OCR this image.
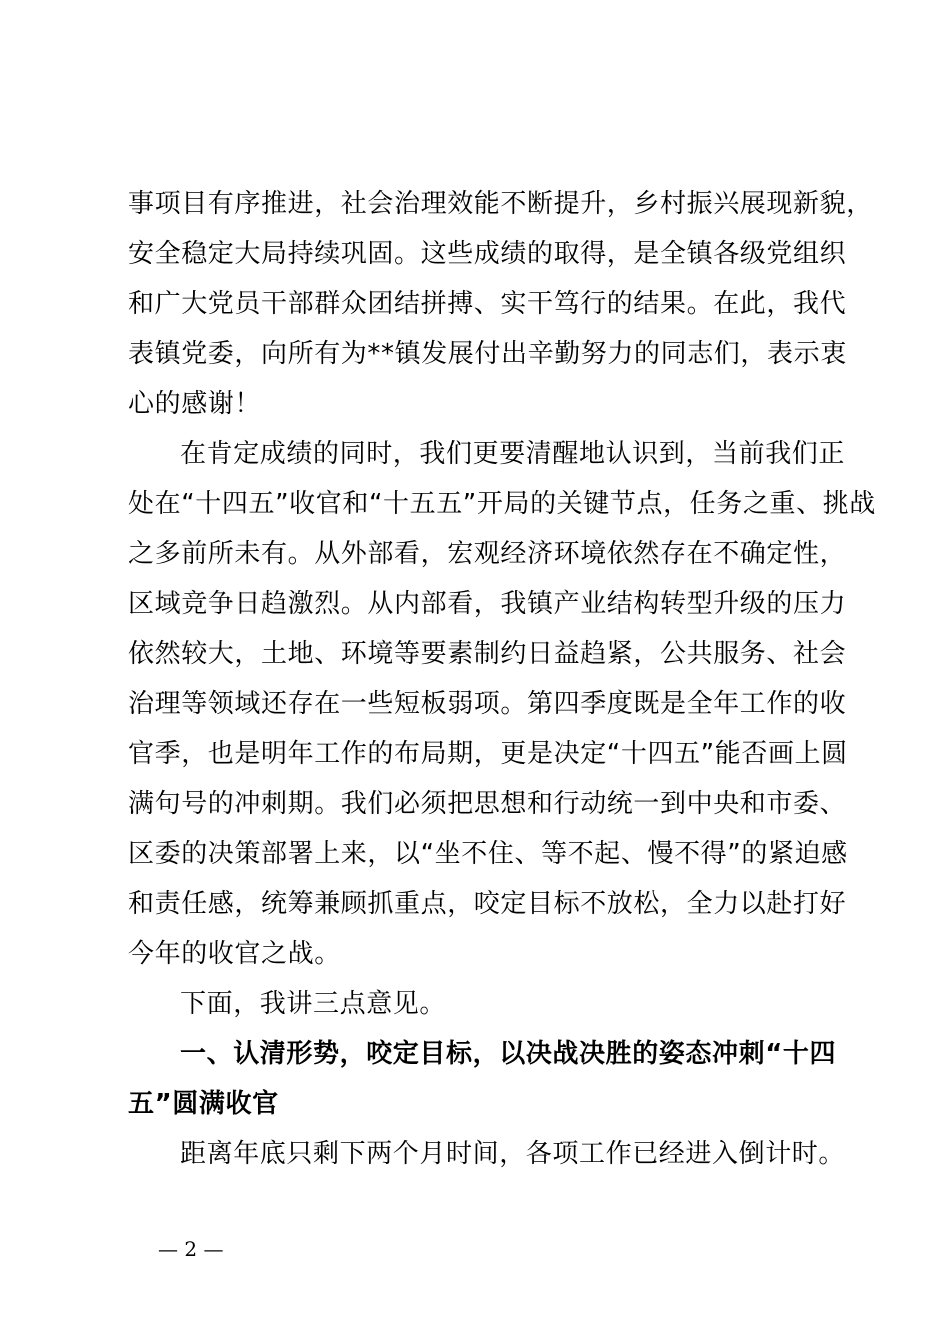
事项目有序推进，社会治理效能不断提升，乡村振兴展现新貌，
安全稳定大局持续巩固。这些成绩的取得，是全镇各级党组织
和广大党员干部群众团结拼搏、实干笃行的结果。在此，我代
表镇党委，向所有为**镇发展付出辛勤努力的同志们，表示衷
心的感谢！
在肯定成绩的同时，我们更要清醒地认识到，当前我们正
处在“十四五”收官和“十五五”开局的关键节点，任务之重、挑战
之多前所未有。从外部看，宏观经济环境依然存在不确定性，
区域竞争日趋激烈。从内部看，我镇产业结构转型升级的压力
依然较大，土地、环境等要素制约日益趋紧，公共服务、社会
治理等领域还存在一些短板弱项。第四季度既是全年工作的收
官季，也是明年工作的布局期，更是决定“十四五”能否画上圆
满句号的冲刺期。我们必须把思想和行动统一到中央和市委、
区委的决策部署上来，以“坐不住、等不起、慢不得”的紧迫感
和责任感，统筹兼顾抓重点，咬定目标不放松，全力以赴打好
今年的收官之战。
下面，我讲三点意见。
一、认清形势，咬定目标，以决战决胜的姿态冲刺“十四
五”圆满收官
距离年底只剩下两个月时间，各项工作已经进入倒计时。
— 2 —
